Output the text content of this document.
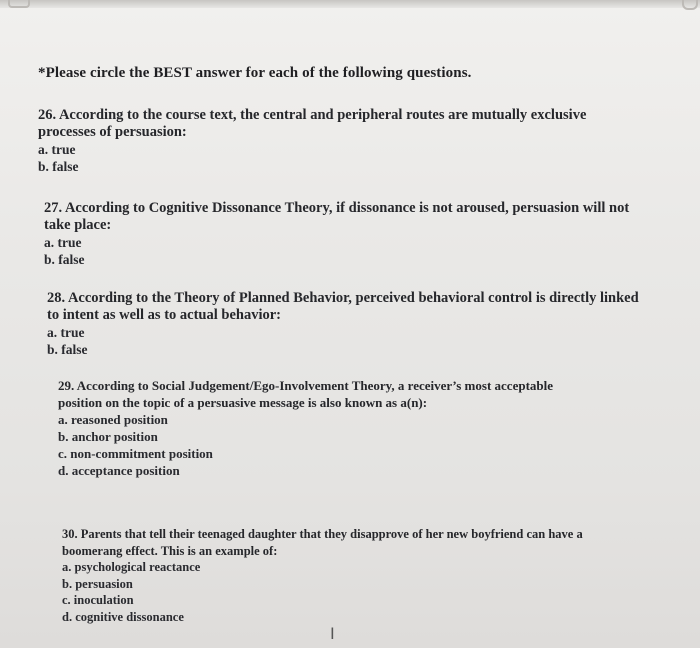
*Please circle the BEST answer for each of the following questions.

26. According to the course text, the central and peripheral routes are mutually exclusive

processes of persuasion:

a. true

b. false

27. According to Cognitive Dissonance Theory, if dissonance is not aroused, persuasion will not

take place:

a. true

b. false

28. According to the Theory of Planned Behavior, perceived behavioral control is directly linked

to intent as well as to actual behavior:

a. true

b. false

29. According to Social Judgement/Ego-Involvement Theory, a receiver’s most acceptable

position on the topic of a persuasive message is also known as a(n):

a. reasoned position

b. anchor position

c. non-commitment position

d. acceptance position

30. Parents that tell their teenaged daughter that they disapprove of her new boyfriend can have a

boomerang effect. This is an example of:

a. psychological reactance

b. persuasion

c. inoculation

d. cognitive dissonance

I
